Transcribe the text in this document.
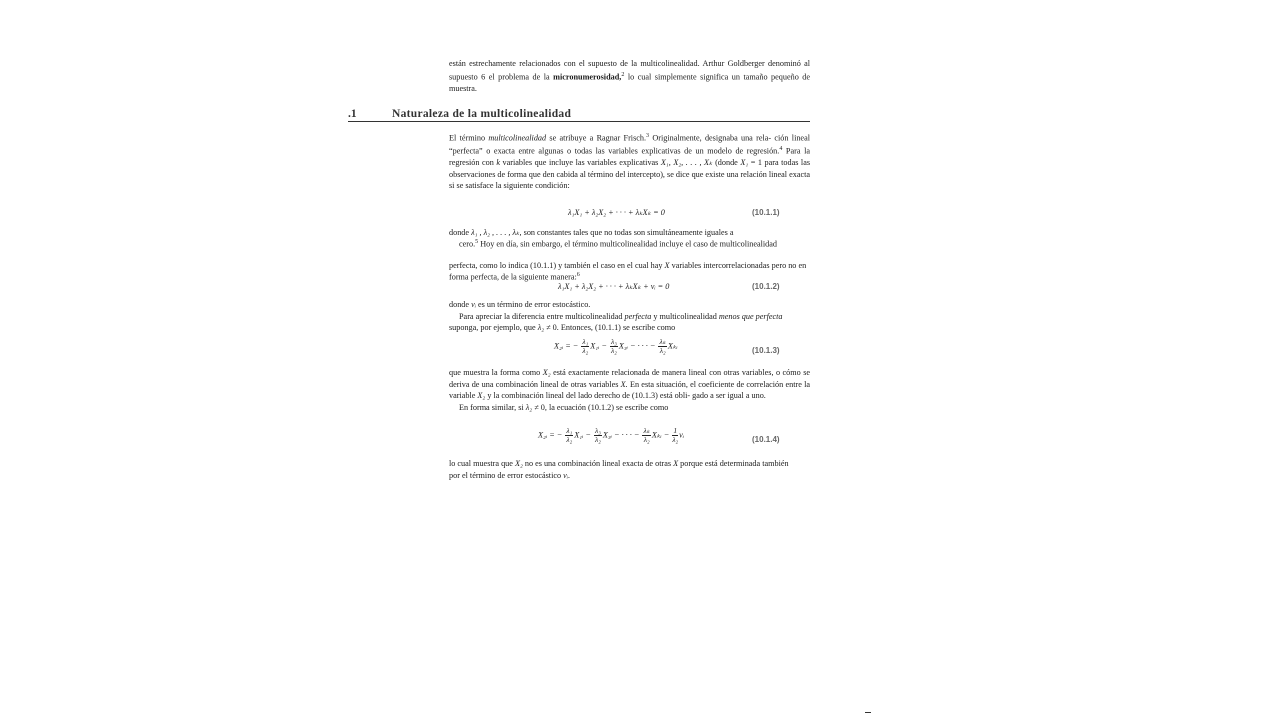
están estrechamente relacionados con el supuesto de la multicolinealidad. Arthur Goldberger denominó al supuesto 6 el problema de la micronumerosidad,$^2$ lo cual simplemente significa un tamaño pequeño de muestra.

.1	Naturaleza de la multicolinealidad

El término multicolinealidad se atribuye a Ragnar Frisch.$^3$ Originalmente, designaba una rela- ción lineal “perfecta” o exacta entre algunas o todas las variables explicativas de un modelo de regresión.$^4$ Para la regresión con k variables que incluye las variables explicativas X₁, X₂, . . . , Xₖ (donde X₁ = 1 para todas las observaciones de forma que den cabida al término del intercepto), se dice que existe una relación lineal exacta si se satisface la siguiente condición:

λ₁X₁ + λ₂X₂ + · · · + λₖXₖ = 0	(10.1.1)

donde λ₁ , λ₂ , . . . , λₖ, son constantes tales que no todas son simultáneamente iguales a

cero.$^5$ Hoy en día, sin embargo, el término multicolinealidad incluye el caso de multicolinealidad

perfecta, como lo indica (10.1.1) y también el caso en el cual hay X variables intercorrelacionadas pero no en forma perfecta, de la siguiente manera:$^6$

λ₁X₁ + λ₂X₂ + · · · + λₖXₖ + vᵢ = 0	(10.1.2)

donde vᵢ es un término de error estocástico.

Para apreciar la diferencia entre multicolinealidad perfecta y multicolinealidad menos que perfecta suponga, por ejemplo, que λ₂ ≠ 0. Entonces, (10.1.1) se escribe como

X₂ᵢ = − $\frac{\text{λ₁}}{\text{λ₂}}$ X₁ᵢ − $\frac{\text{λ₃}}{\text{λ₂}}$ X₃ᵢ − · · · − $\frac{\text{λₖ}}{\text{λ₂}}$ Xₖᵢ
(10.1.3)

que muestra la forma como X₂ está exactamente relacionada de manera lineal con otras variables, o cómo se deriva de una combinación lineal de otras variables X. En esta situación, el coeficiente de correlación entre la variable X₂ y la combinación lineal del lado derecho de (10.1.3) está obli- gado a ser igual a uno.

En forma similar, si λ₂ ≠ 0, la ecuación (10.1.2) se escribe como

X₂ᵢ = − $\frac{\text{λ₁}}{\text{λ₂}}$ X₁ᵢ − $\frac{\text{λ₃}}{\text{λ₂}}$ X₃ᵢ − · · · − $\frac{\text{λₖ}}{\text{λ₂}}$ Xₖᵢ − $\frac{1}{\text{λ₂}}$ vᵢ
(10.1.4)

lo cual muestra que X₂ no es una combinación lineal exacta de otras X porque está determinada también por el término de error estocástico vᵢ.
